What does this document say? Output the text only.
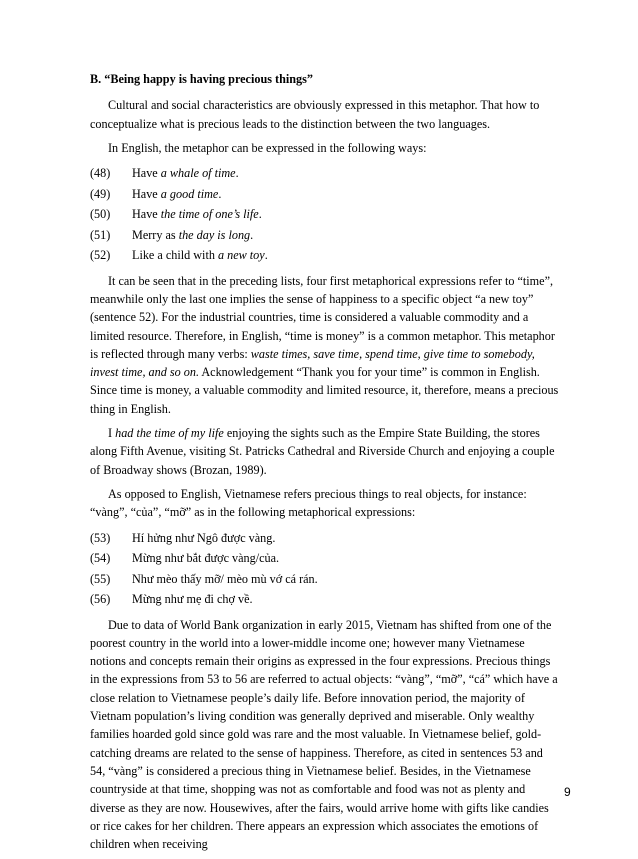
B. “Being happy is having precious things”

Cultural and social characteristics are obviously expressed in this metaphor. That how to conceptualize what is precious leads to the distinction between the two languages.

In English, the metaphor can be expressed in the following ways:

(48)	Have a whale of time.
(49)	Have a good time.
(50)	Have the time of one’s life.
(51)	Merry as the day is long.
(52)	Like a child with a new toy.

It can be seen that in the preceding lists, four first metaphorical expressions refer to “time”, meanwhile only the last one implies the sense of happiness to a specific object “a new toy” (sentence 52). For the industrial countries, time is considered a valuable commodity and a limited resource. Therefore, in English, “time is money” is a common metaphor. This metaphor is reflected through many verbs: waste times, save time, spend time, give time to somebody, invest time, and so on. Acknowledgement “Thank you for your time” is common in English. Since time is money, a valuable commodity and limited resource, it, therefore, means a precious thing in English.

I had the time of my life enjoying the sights such as the Empire State Building, the stores along Fifth Avenue, visiting St. Patricks Cathedral and Riverside Church and enjoying a couple of Broadway shows (Brozan, 1989).

As opposed to English, Vietnamese refers precious things to real objects, for instance: “vàng”, “của”, “mỡ” as in the following metaphorical expressions:

(53)	Hí hửng như Ngô được vàng.
(54)	Mừng như bắt được vàng/của.
(55)	Như mèo thấy mỡ/ mèo mù vớ cá rán.
(56)	Mừng như mẹ đi chợ về.

Due to data of World Bank organization in early 2015, Vietnam has shifted from one of the poorest country in the world into a lower-middle income one; however many Vietnamese notions and concepts remain their origins as expressed in the four expressions. Precious things in the expressions from 53 to 56 are referred to actual objects: “vàng”, “mỡ”, “cá” which have a close relation to Vietnamese people’s daily life. Before innovation period, the majority of Vietnam population’s living condition was generally deprived and miserable. Only wealthy families hoarded gold since gold was rare and the most valuable. In Vietnamese belief, gold-catching dreams are related to the sense of happiness. Therefore, as cited in sentences 53 and 54, “vàng” is considered a precious thing in Vietnamese belief. Besides, in the Vietnamese countryside at that time, shopping was not as comfortable and food was not as plenty and diverse as they are now. Housewives, after the fairs, would arrive home with gifts like candies or rice cakes for her children. There appears an expression which associates the emotions of children when receiving

9
